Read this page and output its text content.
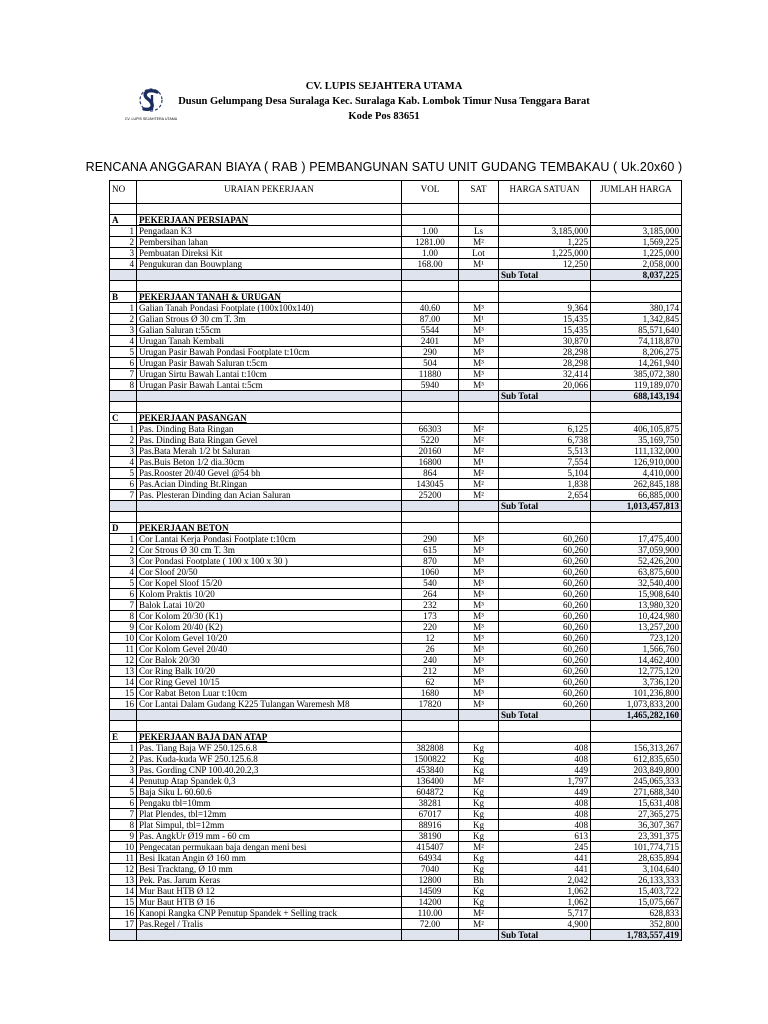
CV. LUPIS SEJAHTERA UTAMA
Dusun Gelumpang Desa Suralaga Kec. Suralaga Kab. Lombok Timur Nusa Tenggara Barat
Kode Pos 83651
CV. LUPIS SEJAHTERA UTAMA
RENCANA ANGGARAN BIAYA ( RAB ) PEMBANGUNAN SATU UNIT GUDANG TEMBAKAU ( Uk.20x60 )
NO	URAIAN PEKERJAAN	VOL	SAT	HARGA SATUAN	JUMLAH HARGA

A	PEKERJAAN PERSIAPAN				
1	Pengadaan K3	1.00	Ls	3,185,000	3,185,000
2	Pembersihan lahan	1281.00	M²	1,225	1,569,225
3	Pembuatan Direksi Kit	1.00	Lot	1,225,000	1,225,000
4	Pengukuran dan Bouwplang	168.00	M¹	12,250	2,058,000
				Sub Total	8,037,225

B	PEKERJAAN TANAH & URUGAN				
1	Galian Tanah Pondasi Footplate (100x100x140)	40.60	M³	9,364	380,174
2	Galian Strous Ø 30 cm T. 3m	87.00	M¹	15,435	1,342,845
3	Galian Saluran t:55cm	5544	M³	15,435	85,571,640
4	Urugan Tanah Kembali	2401	M³	30,870	74,118,870
5	Urugan Pasir Bawah Pondasi Footplate t:10cm	290	M³	28,298	8,206,275
6	Urugan Pasir Bawah Saluran t:5cm	504	M³	28,298	14,261,940
7	Urugan Sirtu Bawah Lantai t:10cm	11880	M³	32,414	385,072,380
8	Urugan Pasir Bawah Lantai t:5cm	5940	M³	20,066	119,189,070
				Sub Total	688,143,194

C	PEKERJAAN PASANGAN				
1	Pas. Dinding Bata Ringan	66303	M²	6,125	406,105,875
2	Pas. Dinding Bata Ringan Gevel	5220	M²	6,738	35,169,750
3	Pas.Bata Merah 1/2 bt Saluran	20160	M²	5,513	111,132,000
4	Pas.Buis Beton 1/2 dia.30cm	16800	M¹	7,554	126,910,000
5	Pas.Rooster 20/40 Gevel @54 bh	864	M²	5,104	4,410,000
6	Pas.Acian Dinding Bt.Ringan	143045	M²	1,838	262,845,188
7	Pas. Plesteran Dinding dan Acian Saluran	25200	M²	2,654	66,885,000
				Sub Total	1,013,457,813

D	PEKERJAAN BETON				
1	Cor Lantai Kerja Pondasi Footplate t:10cm	290	M³	60,260	17,475,400
2	Cor Strous Ø 30 cm T. 3m	615	M³	60,260	37,059,900
3	Cor Pondasi Footplate ( 100 x 100 x 30 )	870	M³	60,260	52,426,200
4	Cor Sloof 20/50	1060	M³	60,260	63,875,600
5	Cor Kopel Sloof 15/20	540	M³	60,260	32,540,400
6	Kolom Praktis 10/20	264	M³	60,260	15,908,640
7	Balok Latai 10/20	232	M³	60,260	13,980,320
8	Cor Kolom 20/30 (K1)	173	M³	60,260	10,424,980
9	Cor Kolom 20/40 (K2)	220	M³	60,260	13,257,200
10	Cor Kolom Gevel 10/20	12	M³	60,260	723,120
11	Cor Kolom Gevel 20/40	26	M³	60,260	1,566,760
12	Cor Balok 20/30	240	M³	60,260	14,462,400
13	Cor Ring Balk 10/20	212	M³	60,260	12,775,120
14	Cor Ring Gevel 10/15	62	M³	60,260	3,736,120
15	Cor Rabat Beton Luar t:10cm	1680	M³	60,260	101,236,800
16	Cor Lantai Dalam Gudang K225 Tulangan Waremesh M8	17820	M³	60,260	1,073,833,200
				Sub Total	1,465,282,160

E	PEKERJAAN BAJA DAN ATAP				
1	Pas. Tiang Baja WF 250.125.6.8	382808	Kg	408	156,313,267
2	Pas. Kuda-kuda WF 250.125.6.8	1500822	Kg	408	612,835,650
3	Pas. Gording CNP 100.40.20.2,3	453840	Kg	449	203,849,800
4	Penutup Atap Spandek 0,3	136400	M²	1,797	245,065,333
5	Baja Siku L 60.60.6	604872	Kg	449	271,688,340
6	Pengaku tbl=10mm	38281	Kg	408	15,631,408
7	Plat Plendes, tbl=12mm	67017	Kg	408	27,365,275
8	Plat Simpul, tbl=12mm	88916	Kg	408	36,307,367
9	Pas. AngkUr Ø19 mm - 60 cm	38190	Kg	613	23,391,375
10	Pengecatan permukaan baja dengan meni besi	415407	M²	245	101,774,715
11	Besi Ikatan Angin Ø 160 mm	64934	Kg	441	28,635,894
12	Besi Tracktang, Ø 10 mm	7040	Kg	441	3,104,640
13	Pek. Pas. Jarum Keras	12800	Bh	2,042	26,133,333
14	Mur Baut HTB Ø 12	14509	Kg	1,062	15,403,722
15	Mur Baut HTB Ø 16	14200	Kg	1,062	15,075,667
16	Kanopi Rangka CNP Penutup Spandek + Selling track	110.00	M²	5,717	628,833
17	Pas.Regel / Tralis	72.00	M²	4,900	352,800
				Sub Total	1,783,557,419
